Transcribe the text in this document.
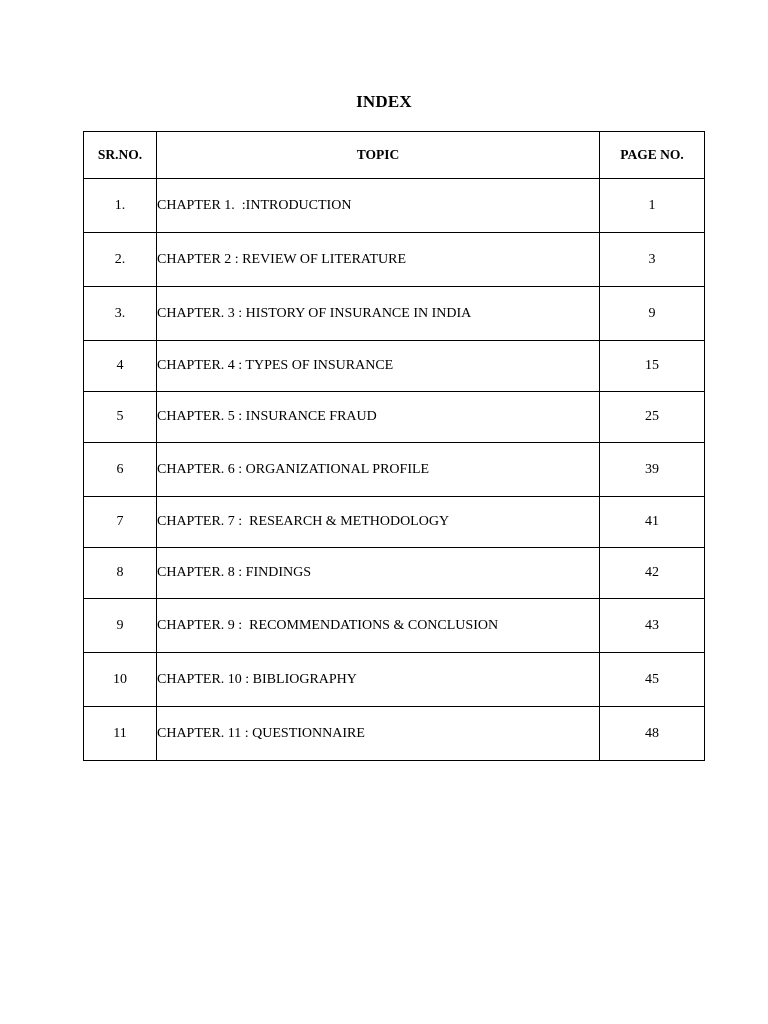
INDEX
SR.NO.	TOPIC	PAGE NO.
1.	CHAPTER 1.  :INTRODUCTION	1
2.	CHAPTER 2 : REVIEW OF LITERATURE	3
3.	CHAPTER. 3 : HISTORY OF INSURANCE IN INDIA	9
4	CHAPTER. 4 : TYPES OF INSURANCE	15
5	CHAPTER. 5 : INSURANCE FRAUD	25
6	CHAPTER. 6 : ORGANIZATIONAL PROFILE	39
7	CHAPTER. 7 :  RESEARCH & METHODOLOGY	41
8	CHAPTER. 8 : FINDINGS	42
9	CHAPTER. 9 :  RECOMMENDATIONS & CONCLUSION	43
10	CHAPTER. 10 : BIBLIOGRAPHY	45
11	CHAPTER. 11 : QUESTIONNAIRE	48
